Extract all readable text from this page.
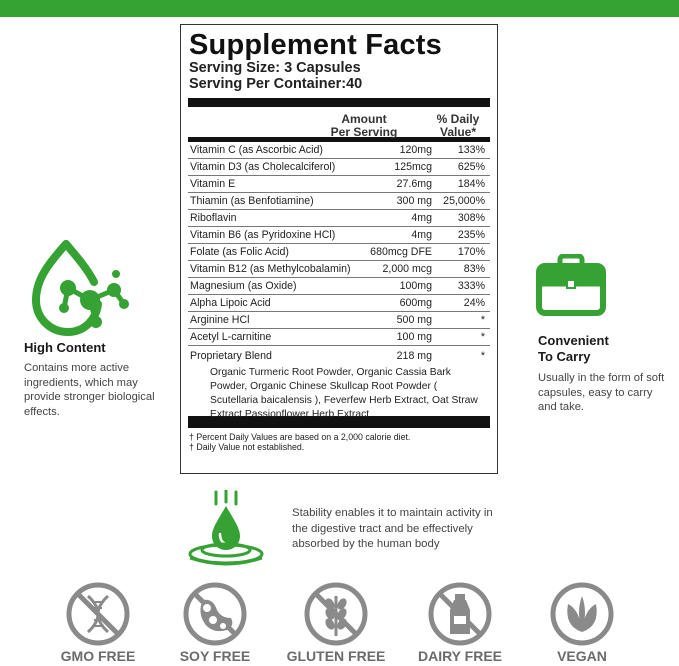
Supplement Facts
Serving Size: 3 Capsules
Serving Per Container:40
Amount
Per Serving
% Daily
Value*
Vitamin C (as Ascorbic Acid)	120mg 133%
Vitamin D3 (as Cholecalciferol)	125mcg 625%
Vitamin E	27.6mg 184%
Thiamin (as Benfotiamine)	300 mg 25,000%
Riboflavin	4mg 308%
Vitamin B6 (as Pyridoxine HCl)	4mg 235%
Folate (as Folic Acid)	680mcg DFE 170%
Vitamin B12 (as Methylcobalamin)	2,000 mcg	83%
Magnesium (as Oxide)	100mg 333%
Alpha Lipoic Acid	600mg	24%
Arginine HCl	500 mg	*
Acetyl L-carnitine	100 mg	*
Proprietary Blend	218 mg	*
Organic Turmeric Root Powder, Organic Cassia Bark Powder, Organic Chinese Skullcap Root Powder ( Scutellaria baicalensis ), Feverfew Herb Extract, Oat Straw Extract Passionflower Herb Extract
† Percent Daily Values are based on a 2,000 calorie diet.
† Daily Value not established.
High Content
Contains more active ingredients, which may provide stronger biological effects.
Convenient
To Carry
Usually in the form of soft capsules, easy to carry and take.
Stability enables it to maintain activity in the digestive tract and be effectively absorbed by the human body
GMO FREE	SOY FREE	GLUTEN FREE	DAIRY FREE	VEGAN
